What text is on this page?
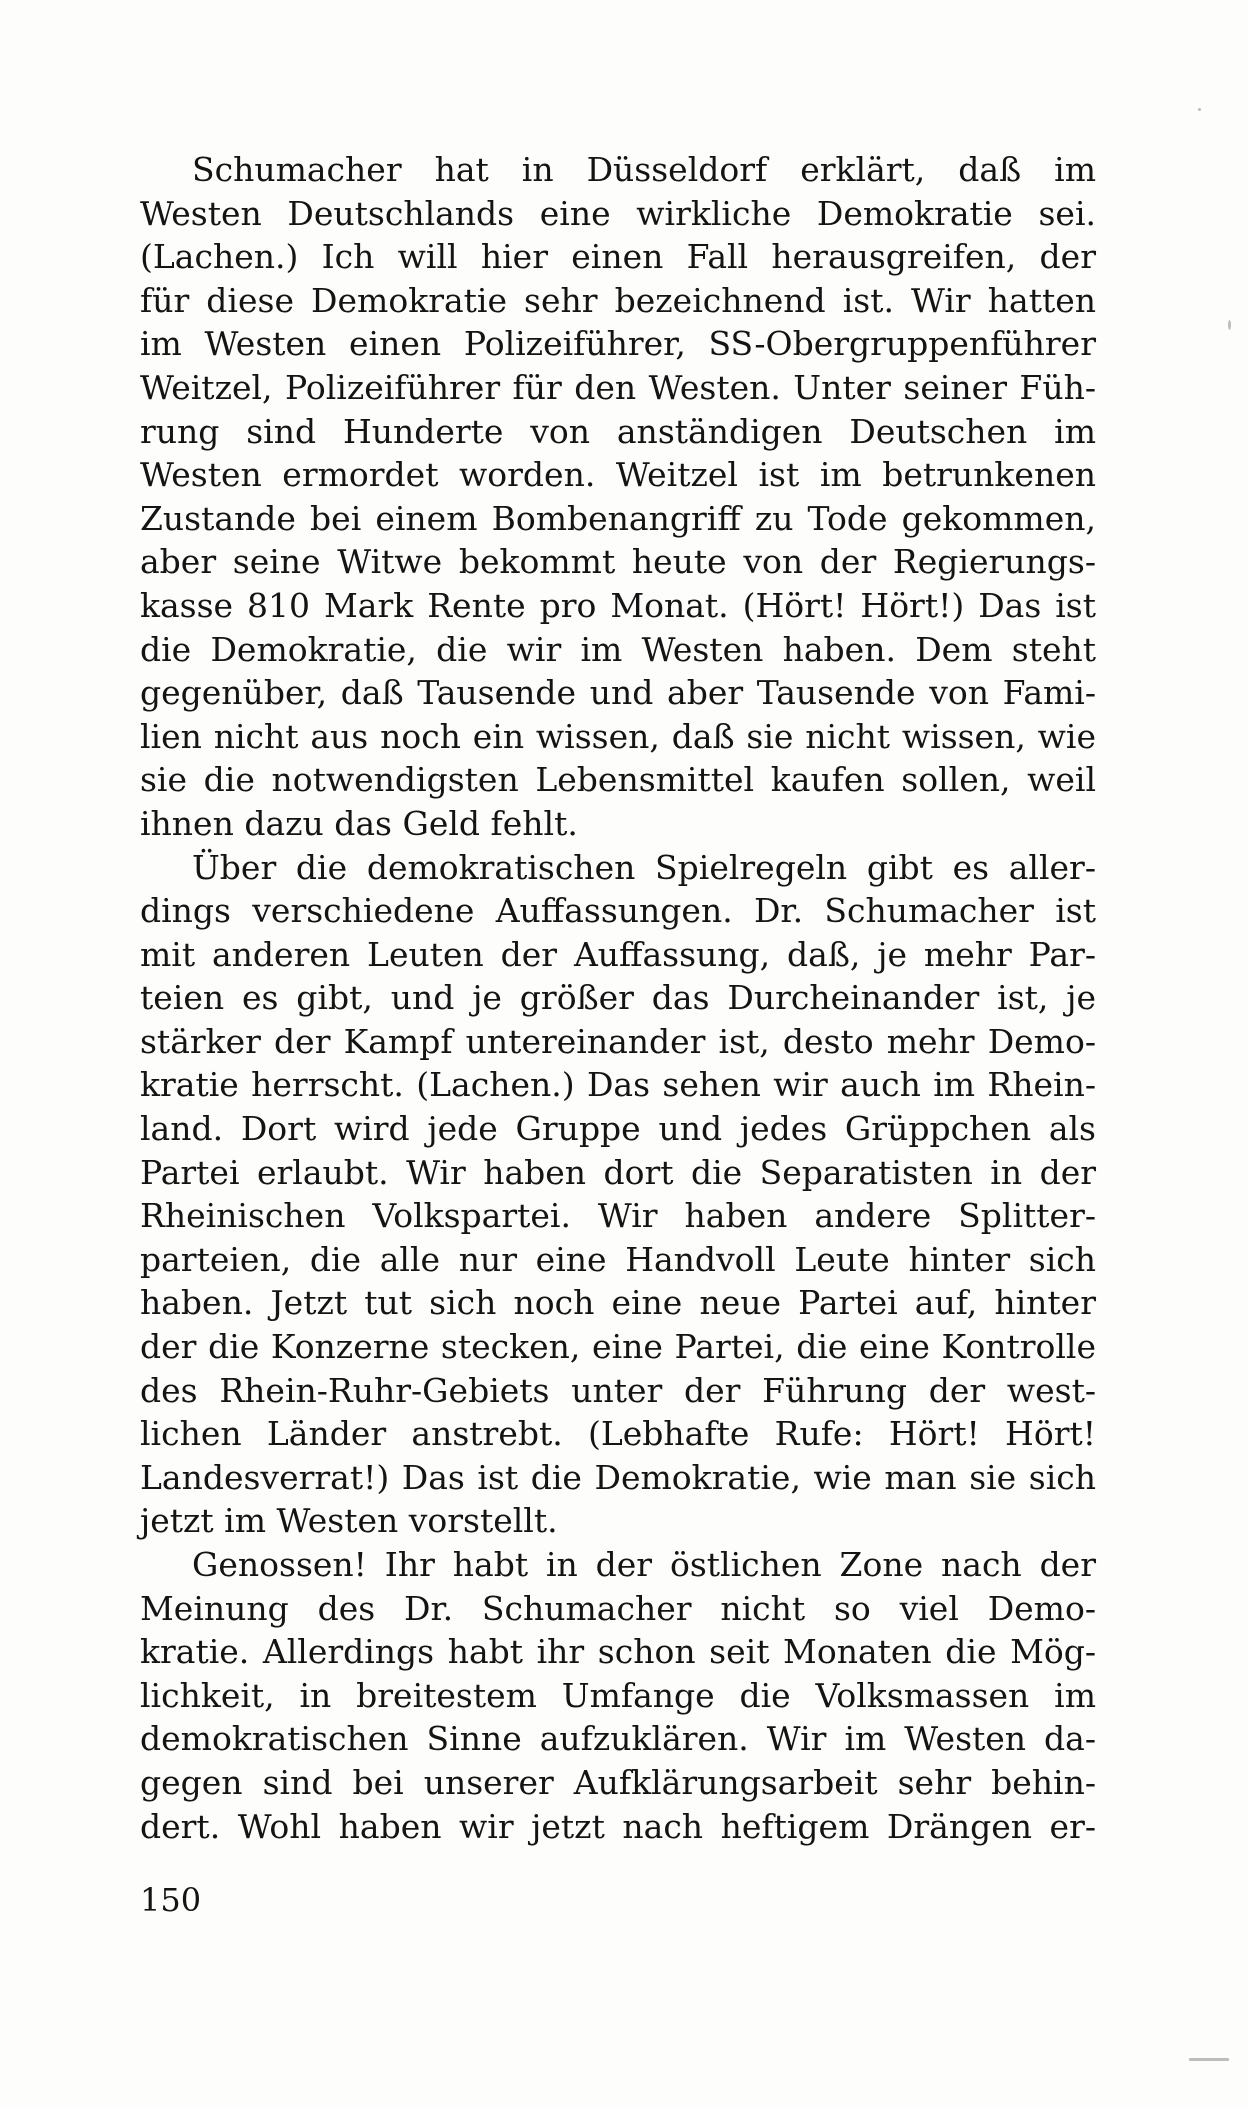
Schumacher hat in Düsseldorf erklärt, daß im
Westen Deutschlands eine wirkliche Demokratie sei.
(Lachen.) Ich will hier einen Fall herausgreifen, der
für diese Demokratie sehr bezeichnend ist. Wir hatten
im Westen einen Polizeiführer, SS-Obergruppenführer
Weitzel, Polizeiführer für den Westen. Unter seiner Füh-
rung sind Hunderte von anständigen Deutschen im
Westen ermordet worden. Weitzel ist im betrunkenen
Zustande bei einem Bombenangriff zu Tode gekommen,
aber seine Witwe bekommt heute von der Regierungs-
kasse 810 Mark Rente pro Monat. (Hört! Hört!) Das ist
die Demokratie, die wir im Westen haben. Dem steht
gegenüber, daß Tausende und aber Tausende von Fami-
lien nicht aus noch ein wissen, daß sie nicht wissen, wie
sie die notwendigsten Lebensmittel kaufen sollen, weil
ihnen dazu das Geld fehlt.
Über die demokratischen Spielregeln gibt es aller-
dings verschiedene Auffassungen. Dr. Schumacher ist
mit anderen Leuten der Auffassung, daß, je mehr Par-
teien es gibt, und je größer das Durcheinander ist, je
stärker der Kampf untereinander ist, desto mehr Demo-
kratie herrscht. (Lachen.) Das sehen wir auch im Rhein-
land. Dort wird jede Gruppe und jedes Grüppchen als
Partei erlaubt. Wir haben dort die Separatisten in der
Rheinischen Volkspartei. Wir haben andere Splitter-
parteien, die alle nur eine Handvoll Leute hinter sich
haben. Jetzt tut sich noch eine neue Partei auf, hinter
der die Konzerne stecken, eine Partei, die eine Kontrolle
des Rhein-Ruhr-Gebiets unter der Führung der west-
lichen Länder anstrebt. (Lebhafte Rufe: Hört! Hört!
Landesverrat!) Das ist die Demokratie, wie man sie sich
jetzt im Westen vorstellt.
Genossen! Ihr habt in der östlichen Zone nach der
Meinung des Dr. Schumacher nicht so viel Demo-
kratie. Allerdings habt ihr schon seit Monaten die Mög-
lichkeit, in breitestem Umfange die Volksmassen im
demokratischen Sinne aufzuklären. Wir im Westen da-
gegen sind bei unserer Aufklärungsarbeit sehr behin-
dert. Wohl haben wir jetzt nach heftigem Drängen er-
150
